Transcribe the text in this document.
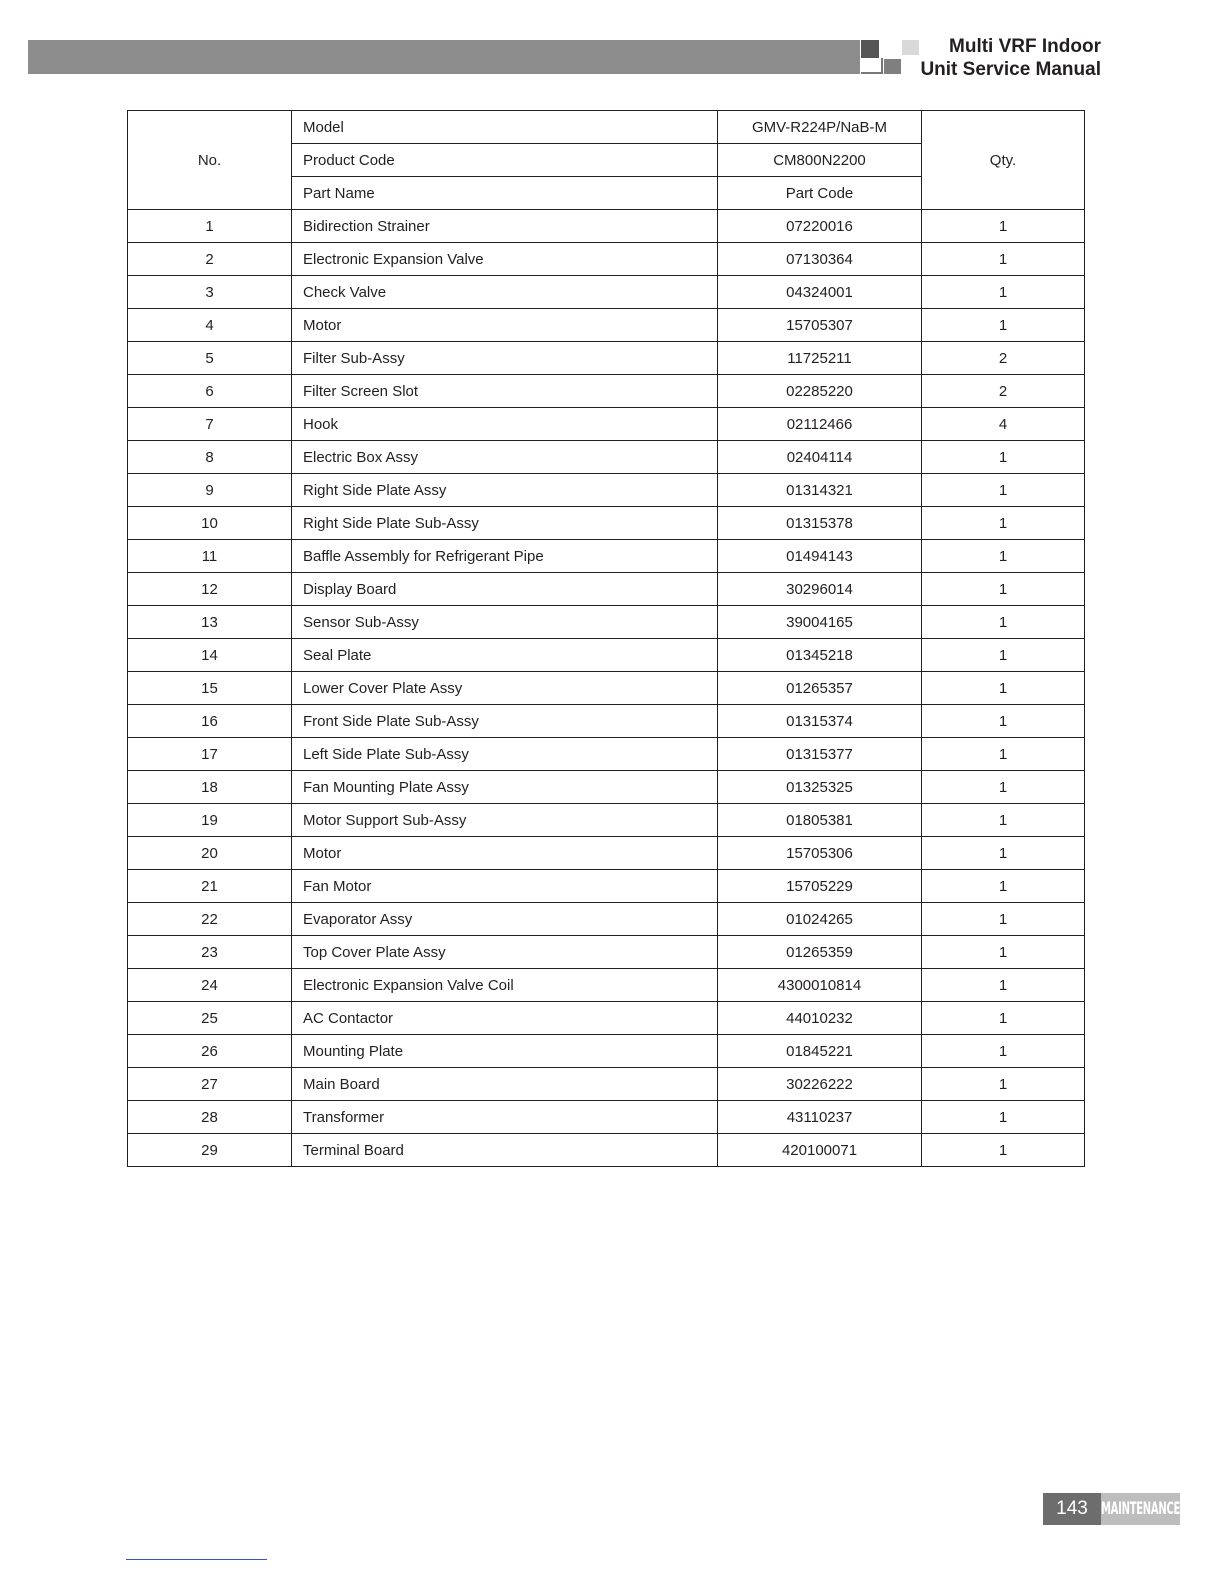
Multi VRF Indoor
Unit Service Manual
No.	Model	GMV-R224P/NaB-M	Qty.
	Product Code	CM800N2200	
	Part Name	Part Code	
1	Bidirection Strainer	07220016	1
2	Electronic Expansion Valve	07130364	1
3	Check Valve	04324001	1
4	Motor	15705307	1
5	Filter Sub-Assy	11725211	2
6	Filter Screen Slot	02285220	2
7	Hook	02112466	4
8	Electric Box Assy	02404114	1
9	Right Side Plate Assy	01314321	1
10	Right Side Plate Sub-Assy	01315378	1
11	Baffle Assembly for Refrigerant Pipe	01494143	1
12	Display Board	30296014	1
13	Sensor Sub-Assy	39004165	1
14	Seal Plate	01345218	1
15	Lower Cover Plate Assy	01265357	1
16	Front Side Plate Sub-Assy	01315374	1
17	Left Side Plate Sub-Assy	01315377	1
18	Fan Mounting Plate Assy	01325325	1
19	Motor Support Sub-Assy	01805381	1
20	Motor	15705306	1
21	Fan Motor	15705229	1
22	Evaporator Assy	01024265	1
23	Top Cover Plate Assy	01265359	1
24	Electronic Expansion Valve Coil	4300010814	1
25	AC Contactor	44010232	1
26	Mounting Plate	01845221	1
27	Main Board	30226222	1
28	Transformer	43110237	1
29	Terminal Board	420100071	1
143 MAINTENANCE
